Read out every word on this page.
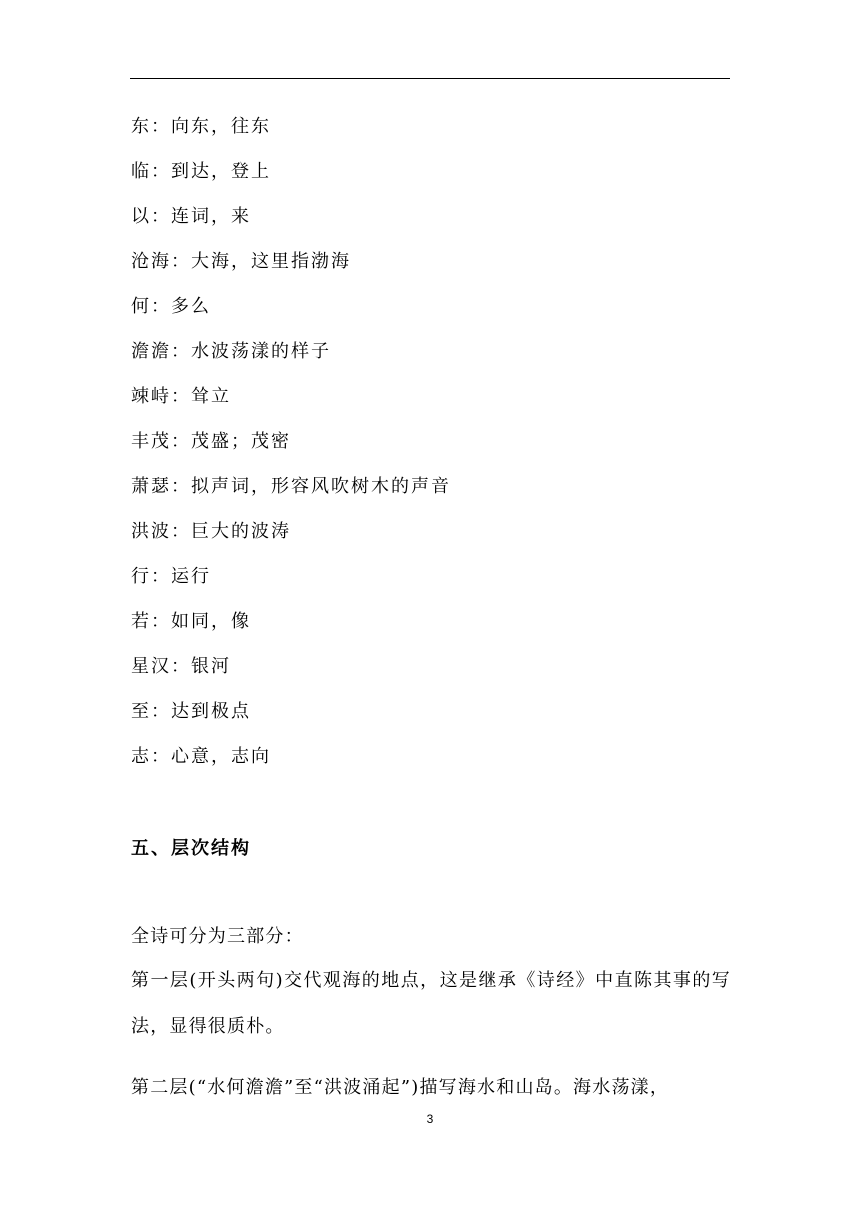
东：向东，往东
临：到达，登上
以：连词，来
沧海：大海，这里指渤海
何：多么
澹澹：水波荡漾的样子
竦峙：耸立
丰茂：茂盛；茂密
萧瑟：拟声词，形容风吹树木的声音
洪波：巨大的波涛
行：运行
若：如同，像
星汉：银河
至：达到极点
志：心意，志向
五、层次结构

全诗可分为三部分：

第一层(开头两句)交代观海的地点，这是继承《诗经》中直陈其事的写法，显得很质朴。

第二层(“水何澹澹”至“洪波涌起”)描写海水和山岛。海水荡漾，

3
